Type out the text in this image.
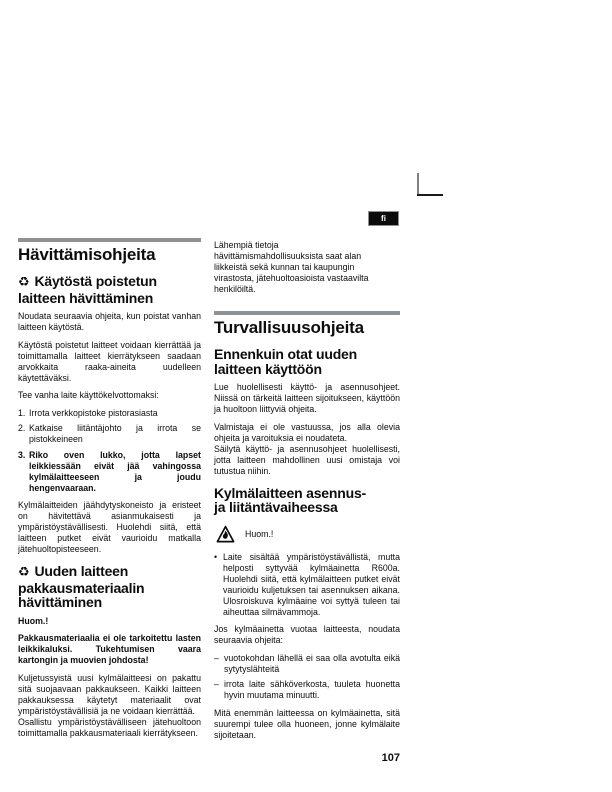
fi
Hävittämisohjeita
♻ Käytöstä poistetun
laitteen hävittäminen

Noudata seuraavia ohjeita, kun poistat vanhan laitteen käytöstä.

Käytöstä poistetut laitteet voidaan kierrättää ja toimittamalla laitteet kierrätykseen saadaan arvokkaita raaka-aineita uudelleen käytettäväksi.

Tee vanha laite käyttökelvottomaksi:

1. Irrota verkkopistoke pistorasiasta
2. Katkaise liitäntäjohto ja irrota se pistokkeineen
3. Riko oven lukko, jotta lapset leikkiessään eivät jää vahingossa kylmälaitteeseen ja joudu hengenvaaraan.

Kylmälaitteiden jäähdytyskoneisto ja eristeet on hävitettävä asianmukaisesti ja ympäristöystävällisesti. Huolehdi siitä, että laitteen putket eivät vaurioidu matkalla jätehuoltopisteeseen.

♻ Uuden laitteen
pakkausmateriaalin
hävittäminen

Huom.!

Pakkausmateriaalia ei ole tarkoitettu lasten leikkikaluksi. Tukehtumisen vaara kartongin ja muovien johdosta!

Kuljetussyistä uusi kylmälaitteesi on pakattu sitä suojaavaan pakkaukseen. Kaikki laitteen pakkauksessa käytetyt materiaalit ovat ympäristöystävällisiä ja ne voidaan kierrättää.
Osallistu ympäristöystävälliseen jätehuoltoon toimittamalla pakkausmateriaali kierrätykseen.

Lähempiä tietoja
hävittämismahdollisuuksista saat alan
liikkeistä sekä kunnan tai kaupungin
virastosta, jätehuoltoasioista vastaavilta
henkilöiltä.

Turvallisuusohjeita
Ennenkuin otat uuden
laitteen käyttöön

Lue huolellisesti käyttö- ja asennusohjeet. Niissä on tärkeitä laitteen sijoitukseen, käyttöön ja huoltoon liittyviä ohjeita.

Valmistaja ei ole vastuussa, jos alla olevia ohjeita ja varoituksia ei noudateta.
Säilytä käyttö- ja asennusohjeet huolellisesti, jotta laitteen mahdollinen uusi omistaja voi tutustua niihin.

Kylmälaitteen asennus-
ja liitäntävaiheessa
Huom.!
• Laite sisältää ympäristöystävällistä, mutta helposti syttyvää kylmäainetta R600a. Huolehdi siitä, että kylmälaitteen putket eivät vaurioidu kuljetuksen tai asennuksen aikana. Ulosroiskuva kylmäaine voi syttyä tuleen tai aiheuttaa silmävammoja.

Jos kylmäainetta vuotaa laitteesta, noudata seuraavia ohjeita:

– vuotokohdan lähellä ei saa olla avotulta eikä sytytyslähteitä
– irrota laite sähköverkosta, tuuleta huonetta hyvin muutama minuutti.

Mitä enemmän laitteessa on kylmäainetta, sitä suurempi tulee olla huoneen, jonne kylmälaite sijoitetaan.

107
